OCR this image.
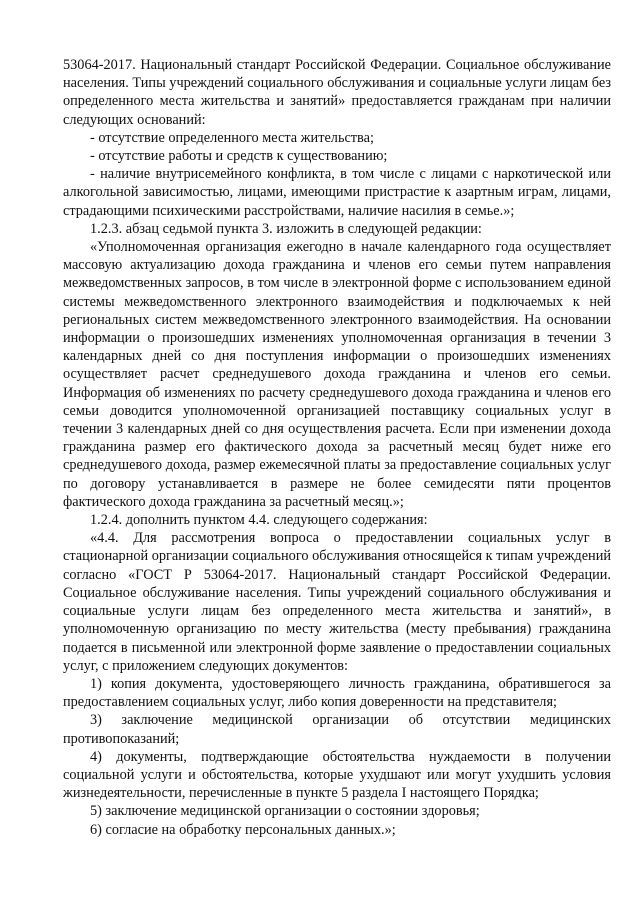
53064-2017. Национальный стандарт Российской Федерации. Социальное обслуживание населения. Типы учреждений социального обслуживания и социальные услуги лицам без определенного места жительства и занятий» предоставляется гражданам при наличии следующих оснований:

- отсутствие определенного места жительства;

- отсутствие работы и средств к существованию;

- наличие внутрисемейного конфликта, в том числе с лицами с наркотической или алкогольной зависимостью, лицами, имеющими пристрастие к азартным играм, лицами, страдающими психическими расстройствами, наличие насилия в семье.»;

1.2.3. абзац седьмой пункта 3. изложить в следующей редакции:

«Уполномоченная организация ежегодно в начале календарного года осуществляет массовую актуализацию дохода гражданина и членов его семьи путем направления межведомственных запросов, в том числе в электронной форме с использованием единой системы межведомственного электронного взаимодействия и подключаемых к ней региональных систем межведомственного электронного взаимодействия. На основании информации о произошедших изменениях уполномоченная организация в течении 3 календарных дней со дня поступления информации о произошедших изменениях осуществляет расчет среднедушевого дохода гражданина и членов его семьи. Информация об изменениях по расчету среднедушевого дохода гражданина и членов его семьи доводится уполномоченной организацией поставщику социальных услуг в течении 3 календарных дней со дня осуществления расчета. Если при изменении дохода гражданина размер его фактического дохода за расчетный месяц будет ниже его среднедушевого дохода, размер ежемесячной платы за предоставление социальных услуг по договору устанавливается в размере не более семидесяти пяти процентов фактического дохода гражданина за расчетный месяц.»;

1.2.4. дополнить пунктом 4.4. следующего содержания:

«4.4. Для рассмотрения вопроса о предоставлении социальных услуг в стационарной организации социального обслуживания относящейся к типам учреждений согласно «ГОСТ Р 53064-2017. Национальный стандарт Российской Федерации. Социальное обслуживание населения. Типы учреждений социального обслуживания и социальные услуги лицам без определенного места жительства и занятий», в уполномоченную организацию по месту жительства (месту пребывания) гражданина подается в письменной или электронной форме заявление о предоставлении социальных услуг, с приложением следующих документов:

1) копия документа, удостоверяющего личность гражданина, обратившегося за предоставлением социальных услуг, либо копия доверенности на представителя;

3) заключение медицинской организации об отсутствии медицинских противопоказаний;

4) документы, подтверждающие обстоятельства нуждаемости в получении социальной услуги и обстоятельства, которые ухудшают или могут ухудшить условия жизнедеятельности, перечисленные в пункте 5 раздела I настоящего Порядка;

5) заключение медицинской организации о состоянии здоровья;

6) согласие на обработку персональных данных.»;
